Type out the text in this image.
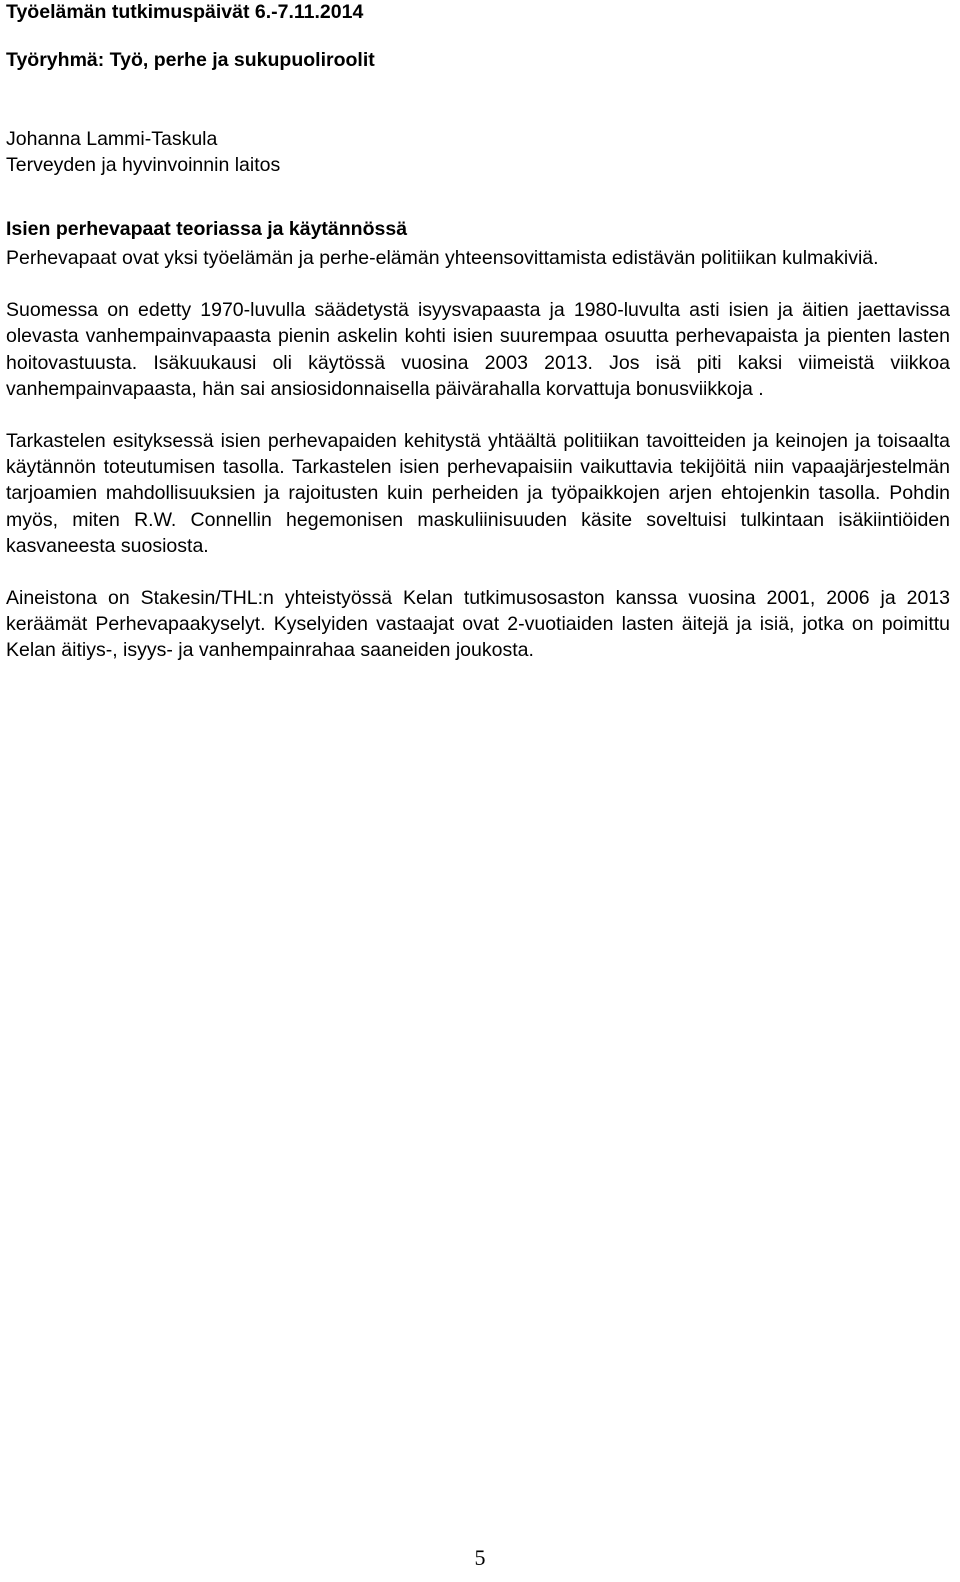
Työelämän tutkimuspäivät 6.-7.11.2014
Työryhmä: Työ, perhe ja sukupuoliroolit
Johanna Lammi-Taskula
Terveyden ja hyvinvoinnin laitos
Isien perhevapaat teoriassa ja käytännössä

Perhevapaat ovat yksi työelämän ja perhe-elämän yhteensovittamista edistävän politiikan kulmakiviä.

Suomessa on edetty 1970-luvulla säädetystä isyysvapaasta ja 1980-luvulta asti isien ja äitien jaettavissa olevasta vanhempainvapaasta pienin askelin kohti isien suurempaa osuutta perhevapaista ja pienten lasten hoitovastuusta. Isäkuukausi oli käytössä vuosina 2003 2013. Jos isä piti kaksi viimeistä viikkoa vanhempainvapaasta, hän sai ansiosidonnaisella päivärahalla korvattuja bonusviikkoja .

Tarkastelen esityksessä isien perhevapaiden kehitystä yhtäältä politiikan tavoitteiden ja keinojen ja toisaalta käytännön toteutumisen tasolla. Tarkastelen isien perhevapaisiin vaikuttavia tekijöitä niin vapaajärjestelmän tarjoamien mahdollisuuksien ja rajoitusten kuin perheiden ja työpaikkojen arjen ehtojenkin tasolla. Pohdin myös, miten R.W. Connellin hegemonisen maskuliinisuuden käsite soveltuisi tulkintaan isäkiintiöiden kasvaneesta suosiosta.

Aineistona on Stakesin/THL:n yhteistyössä Kelan tutkimusosaston kanssa vuosina 2001, 2006 ja 2013 keräämät Perhevapaakyselyt. Kyselyiden vastaajat ovat 2-vuotiaiden lasten äitejä ja isiä, jotka on poimittu Kelan äitiys-, isyys- ja vanhempainrahaa saaneiden joukosta.

5
